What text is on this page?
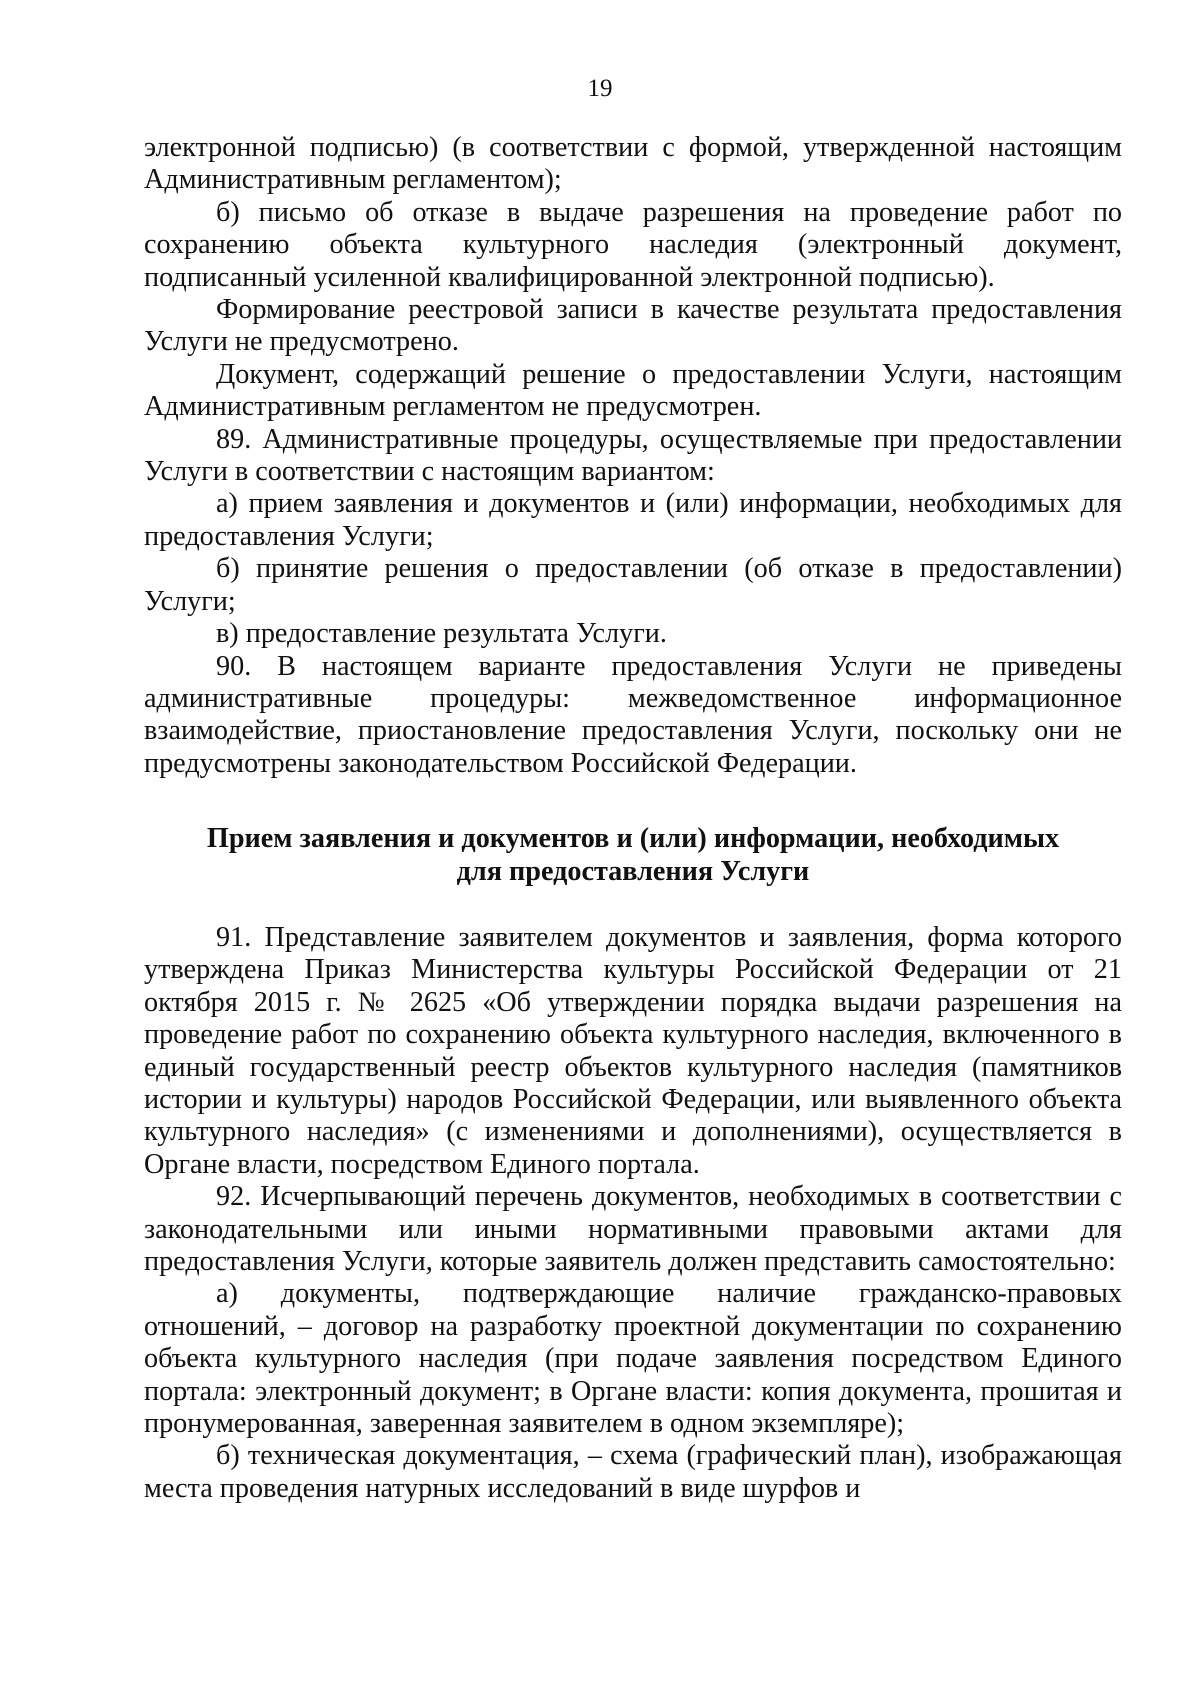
19

электронной подписью) (в соответствии с формой, утвержденной настоящим Административным регламентом);

б) письмо об отказе в выдаче разрешения на проведение работ по сохранению объекта культурного наследия (электронный документ, подписанный усиленной квалифицированной электронной подписью).

Формирование реестровой записи в качестве результата предоставления Услуги не предусмотрено.

Документ, содержащий решение о предоставлении Услуги, настоящим Административным регламентом не предусмотрен.

89. Административные процедуры, осуществляемые при предоставлении Услуги в соответствии с настоящим вариантом:

а) прием заявления и документов и (или) информации, необходимых для предоставления Услуги;

б) принятие решения о предоставлении (об отказе в предоставлении) Услуги;

в) предоставление результата Услуги.

90. В настоящем варианте предоставления Услуги не приведены административные процедуры: межведомственное информационное взаимодействие, приостановление предоставления Услуги, поскольку они не предусмотрены законодательством Российской Федерации.

Прием заявления и документов и (или) информации, необходимых
для предоставления Услуги

91. Представление заявителем документов и заявления, форма которого утверждена Приказ Министерства культуры Российской Федерации от 21 октября 2015 г. № 2625 «Об утверждении порядка выдачи разрешения на проведение работ по сохранению объекта культурного наследия, включенного в единый государственный реестр объектов культурного наследия (памятников истории и культуры) народов Российской Федерации, или выявленного объекта культурного наследия» (с изменениями и дополнениями), осуществляется в Органе власти, посредством Единого портала.

92. Исчерпывающий перечень документов, необходимых в соответствии с законодательными или иными нормативными правовыми актами для предоставления Услуги, которые заявитель должен представить самостоятельно:

а) документы, подтверждающие наличие гражданско-правовых отношений, – договор на разработку проектной документации по сохранению объекта культурного наследия (при подаче заявления посредством Единого портала: электронный документ; в Органе власти: копия документа, прошитая и пронумерованная, заверенная заявителем в одном экземпляре);

б) техническая документация, – схема (графический план), изображающая места проведения натурных исследований в виде шурфов и
